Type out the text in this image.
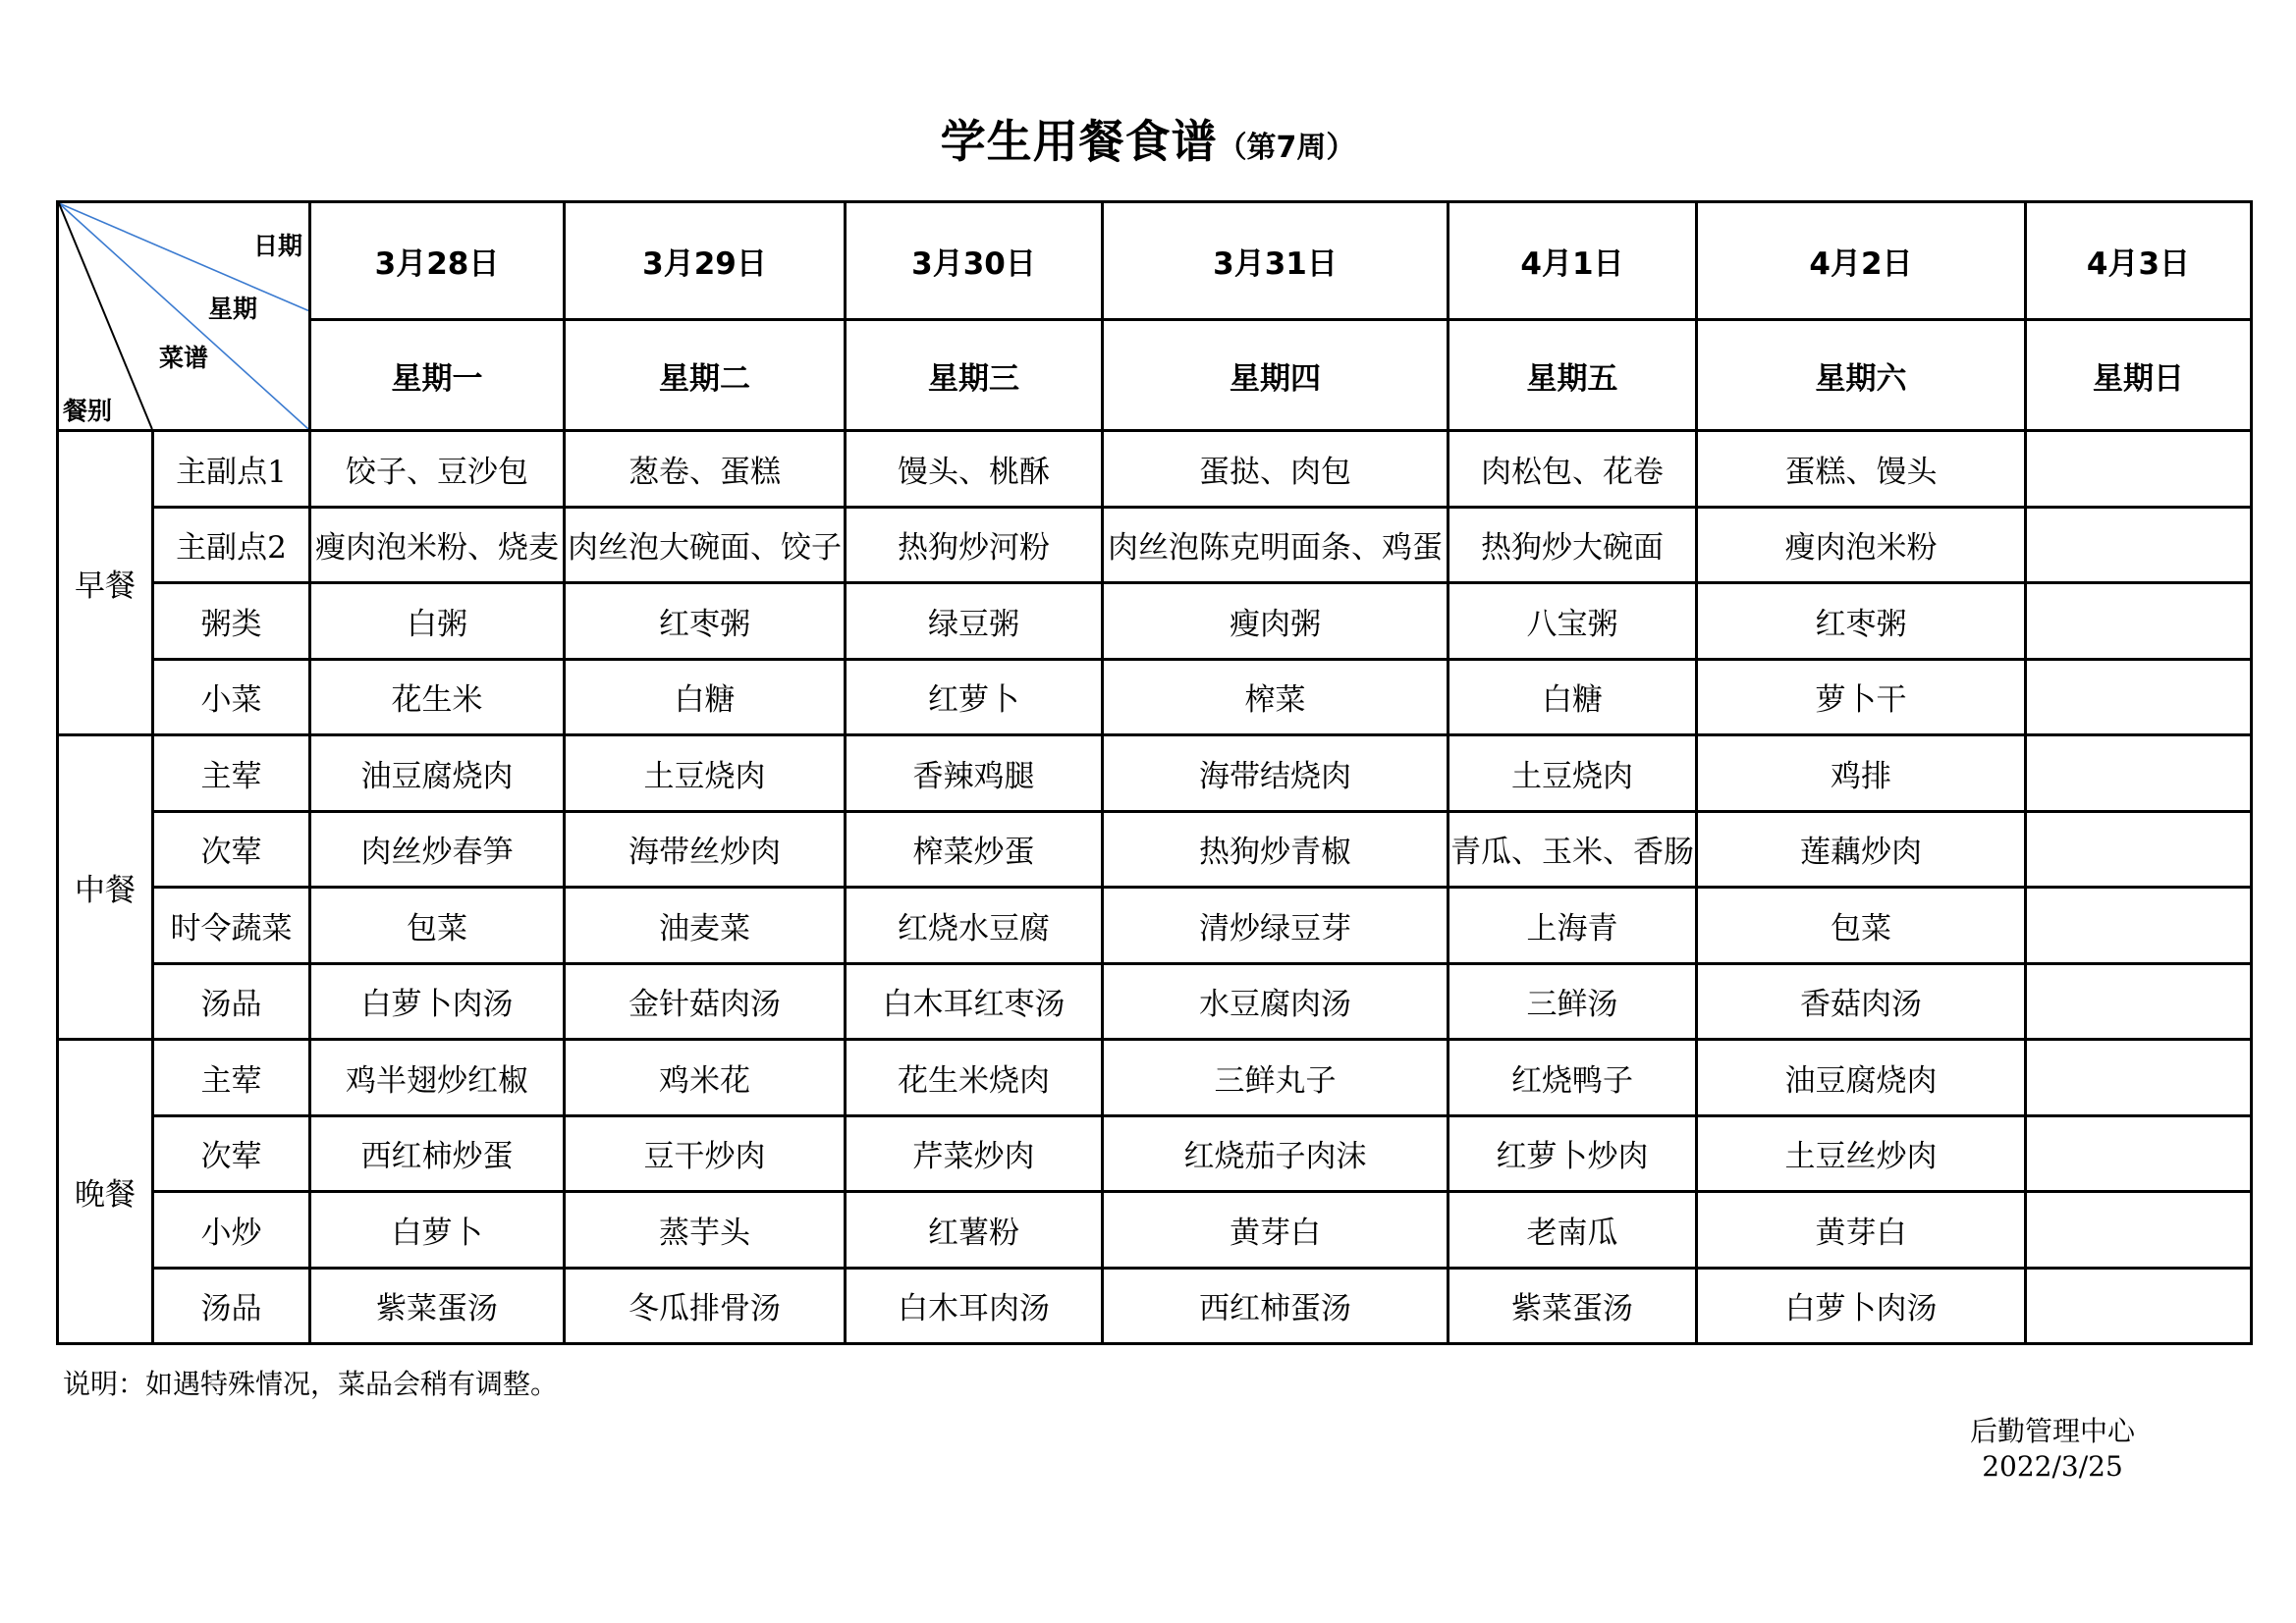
学生用餐食谱（第7周）
日期
星期
菜谱
餐别		3月28日	3月29日	3月30日	3月31日	4月1日	4月2日	4月3日
		星期一	星期二	星期三	星期四	星期五	星期六	星期日
早餐	主副点1	饺子、豆沙包	葱卷、蛋糕	馒头、桃酥	蛋挞、肉包	肉松包、花卷	蛋糕、馒头	
	主副点2	瘦肉泡米粉、烧麦	肉丝泡大碗面、饺子	热狗炒河粉	肉丝泡陈克明面条、鸡蛋	热狗炒大碗面	瘦肉泡米粉	
	粥类	白粥	红枣粥	绿豆粥	瘦肉粥	八宝粥	红枣粥	
	小菜	花生米	白糖	红萝卜	榨菜	白糖	萝卜干	
中餐	主荤	油豆腐烧肉	土豆烧肉	香辣鸡腿	海带结烧肉	土豆烧肉	鸡排	
	次荤	肉丝炒春笋	海带丝炒肉	榨菜炒蛋	热狗炒青椒	青瓜、玉米、香肠	莲藕炒肉	
	时令蔬菜	包菜	油麦菜	红烧水豆腐	清炒绿豆芽	上海青	包菜	
	汤品	白萝卜肉汤	金针菇肉汤	白木耳红枣汤	水豆腐肉汤	三鲜汤	香菇肉汤	
晚餐	主荤	鸡半翅炒红椒	鸡米花	花生米烧肉	三鲜丸子	红烧鸭子	油豆腐烧肉	
	次荤	西红柿炒蛋	豆干炒肉	芹菜炒肉	红烧茄子肉沫	红萝卜炒肉	土豆丝炒肉	
	小炒	白萝卜	蒸芋头	红薯粉	黄芽白	老南瓜	黄芽白	
	汤品	紫菜蛋汤	冬瓜排骨汤	白木耳肉汤	西红柿蛋汤	紫菜蛋汤	白萝卜肉汤	
说明：如遇特殊情况，菜品会稍有调整。
后勤管理中心
2022/3/25
